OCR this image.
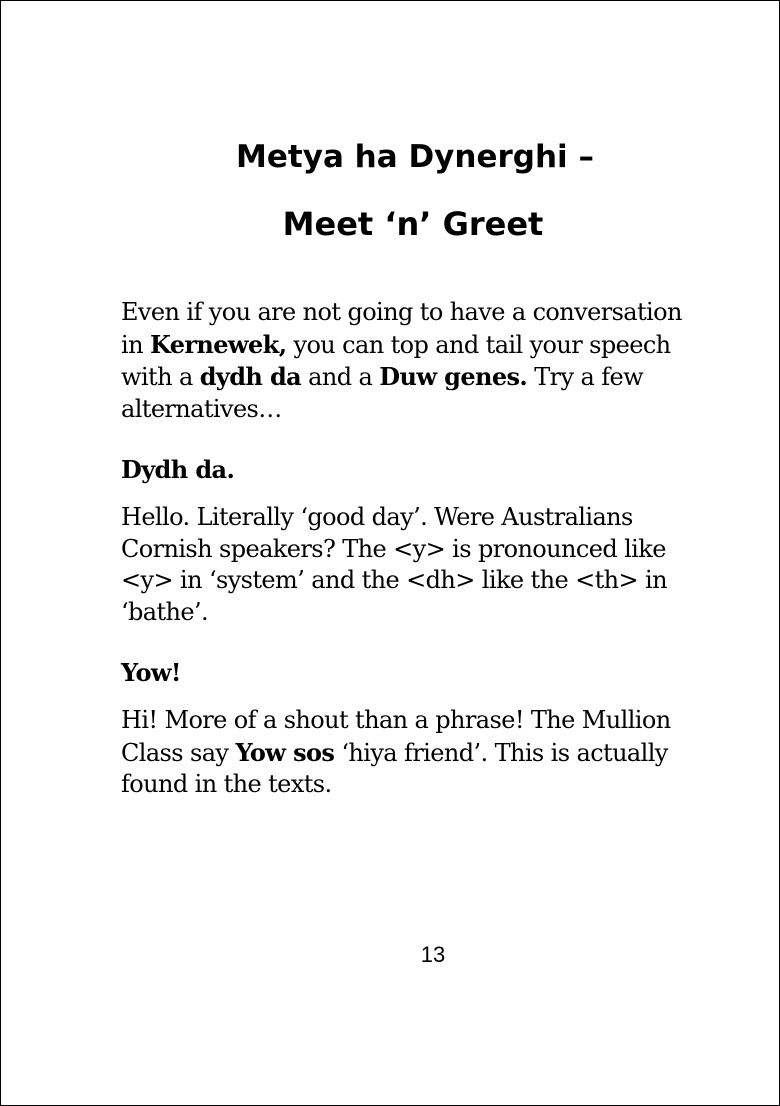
Metya ha Dynerghi –
Meet ‘n’ Greet

Even if you are not going to have a conversation in Kernewek, you can top and tail your speech with a dydh da and a Duw genes. Try a few alternatives…

Dydh da.

Hello. Literally ‘good day’. Were Australians Cornish speakers? The <y> is pronounced like <y> in ‘system’ and the <dh> like the <th> in ‘bathe’.

Yow!

Hi! More of a shout than a phrase! The Mullion Class say Yow sos ‘hiya friend’. This is actually found in the texts.

13
